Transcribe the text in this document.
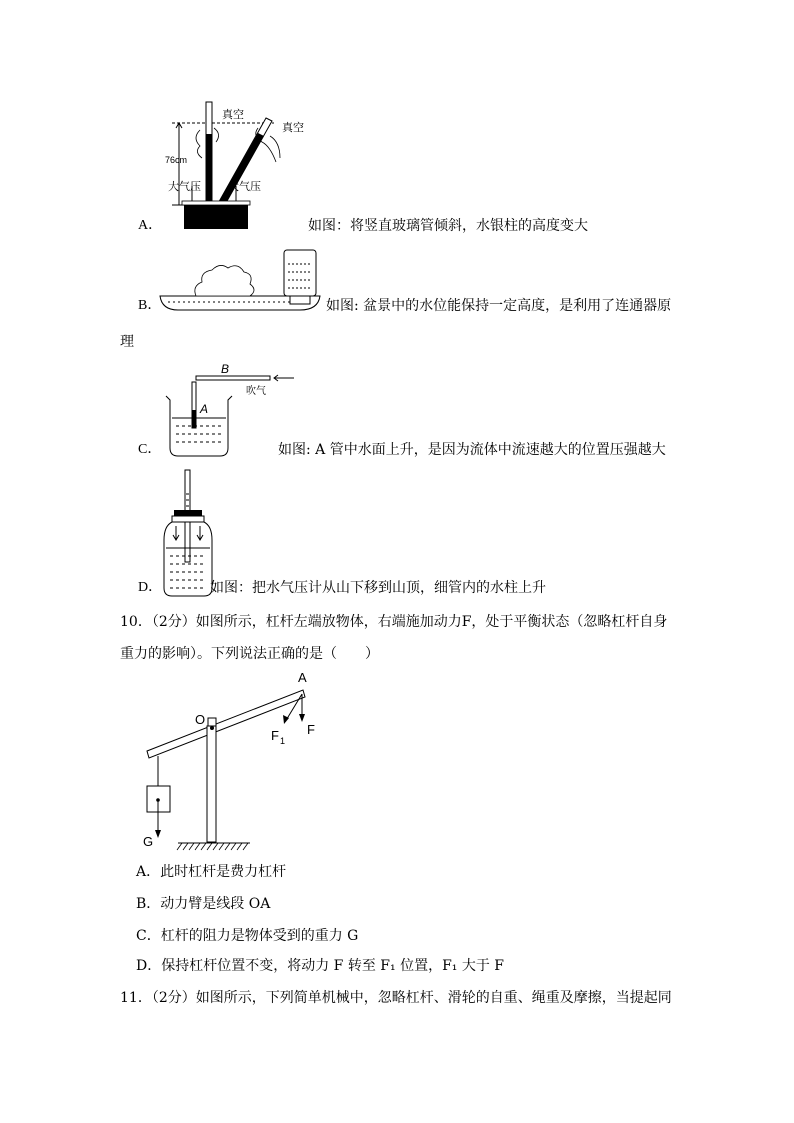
真空
真空
76cm
大气压 大气压
A．	如图：将竖直玻璃管倾斜，水银柱的高度变大
B．	如图: 盆景中的水位能保持一定高度，是利用了连通器原
理
B
A
吹气
C．	如图: A 管中水面上升，是因为流体中流速越大的位置压强越大
D．	如图：把水气压计从山下移到山顶，细管内的水柱上升
10．（2分）如图所示，杠杆左端放物体，右端施加动力F，处于平衡状态（忽略杠杆自身
重力的影响）。下列说法正确的是（　　）
A
O
F
F 1
G
A．此时杠杆是费力杠杆
B．动力臂是线段 OA
C．杠杆的阻力是物体受到的重力 G
D．保持杠杆位置不变，将动力 F 转至 F₁ 位置，F₁ 大于 F
11．（2分）如图所示，下列简单机械中，忽略杠杆、滑轮的自重、绳重及摩擦，当提起同
